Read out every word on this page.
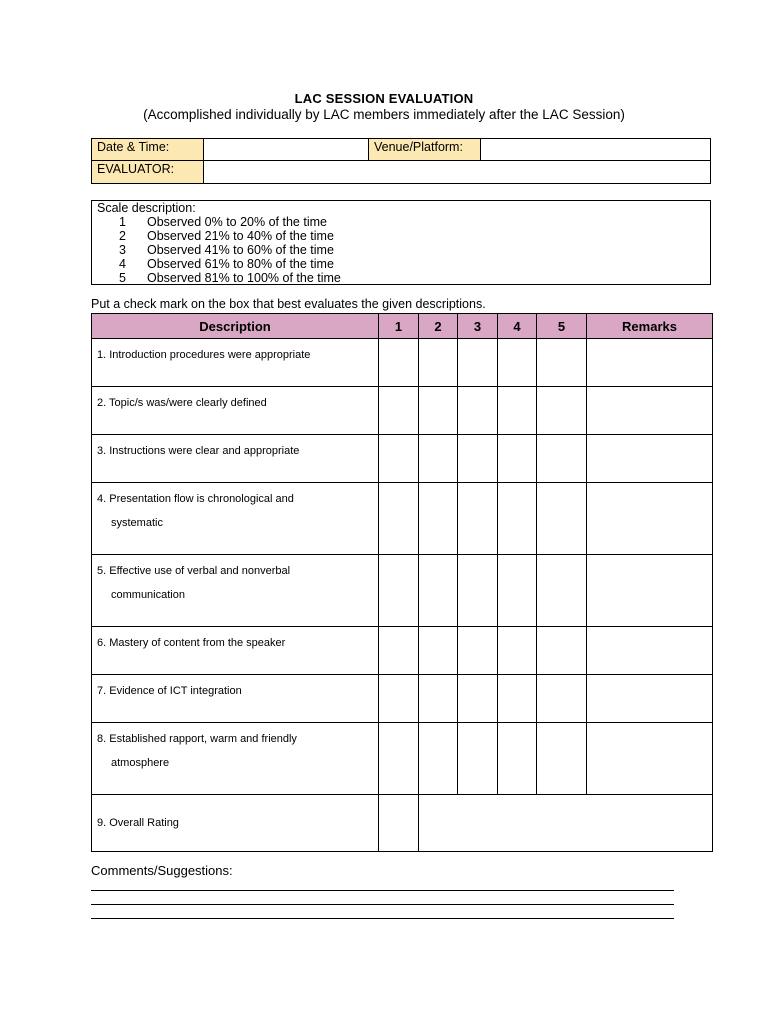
LAC SESSION EVALUATION
(Accomplished individually by LAC members immediately after the LAC Session)
Date & Time:	Venue/Platform:
EVALUATOR:
Scale description:
1 Observed 0% to 20% of the time
2 Observed 21% to 40% of the time
3 Observed 41% to 60% of the time
4 Observed 61% to 80% of the time
5 Observed 81% to 100% of the time
Put a check mark on the box that best evaluates the given descriptions.
Description	1	2	3	4	5	Remarks

1. Introduction procedures were appropriate						

2. Topic/s was/were clearly defined						

3. Instructions were clear and appropriate						

4. Presentation flow is chronological and
systematic						

5. Effective use of verbal and nonverbal
communication						

6. Mastery of content from the speaker						

7. Evidence of ICT integration						

8. Established rapport, warm and friendly
atmosphere						

9. Overall Rating						
Comments/Suggestions:
